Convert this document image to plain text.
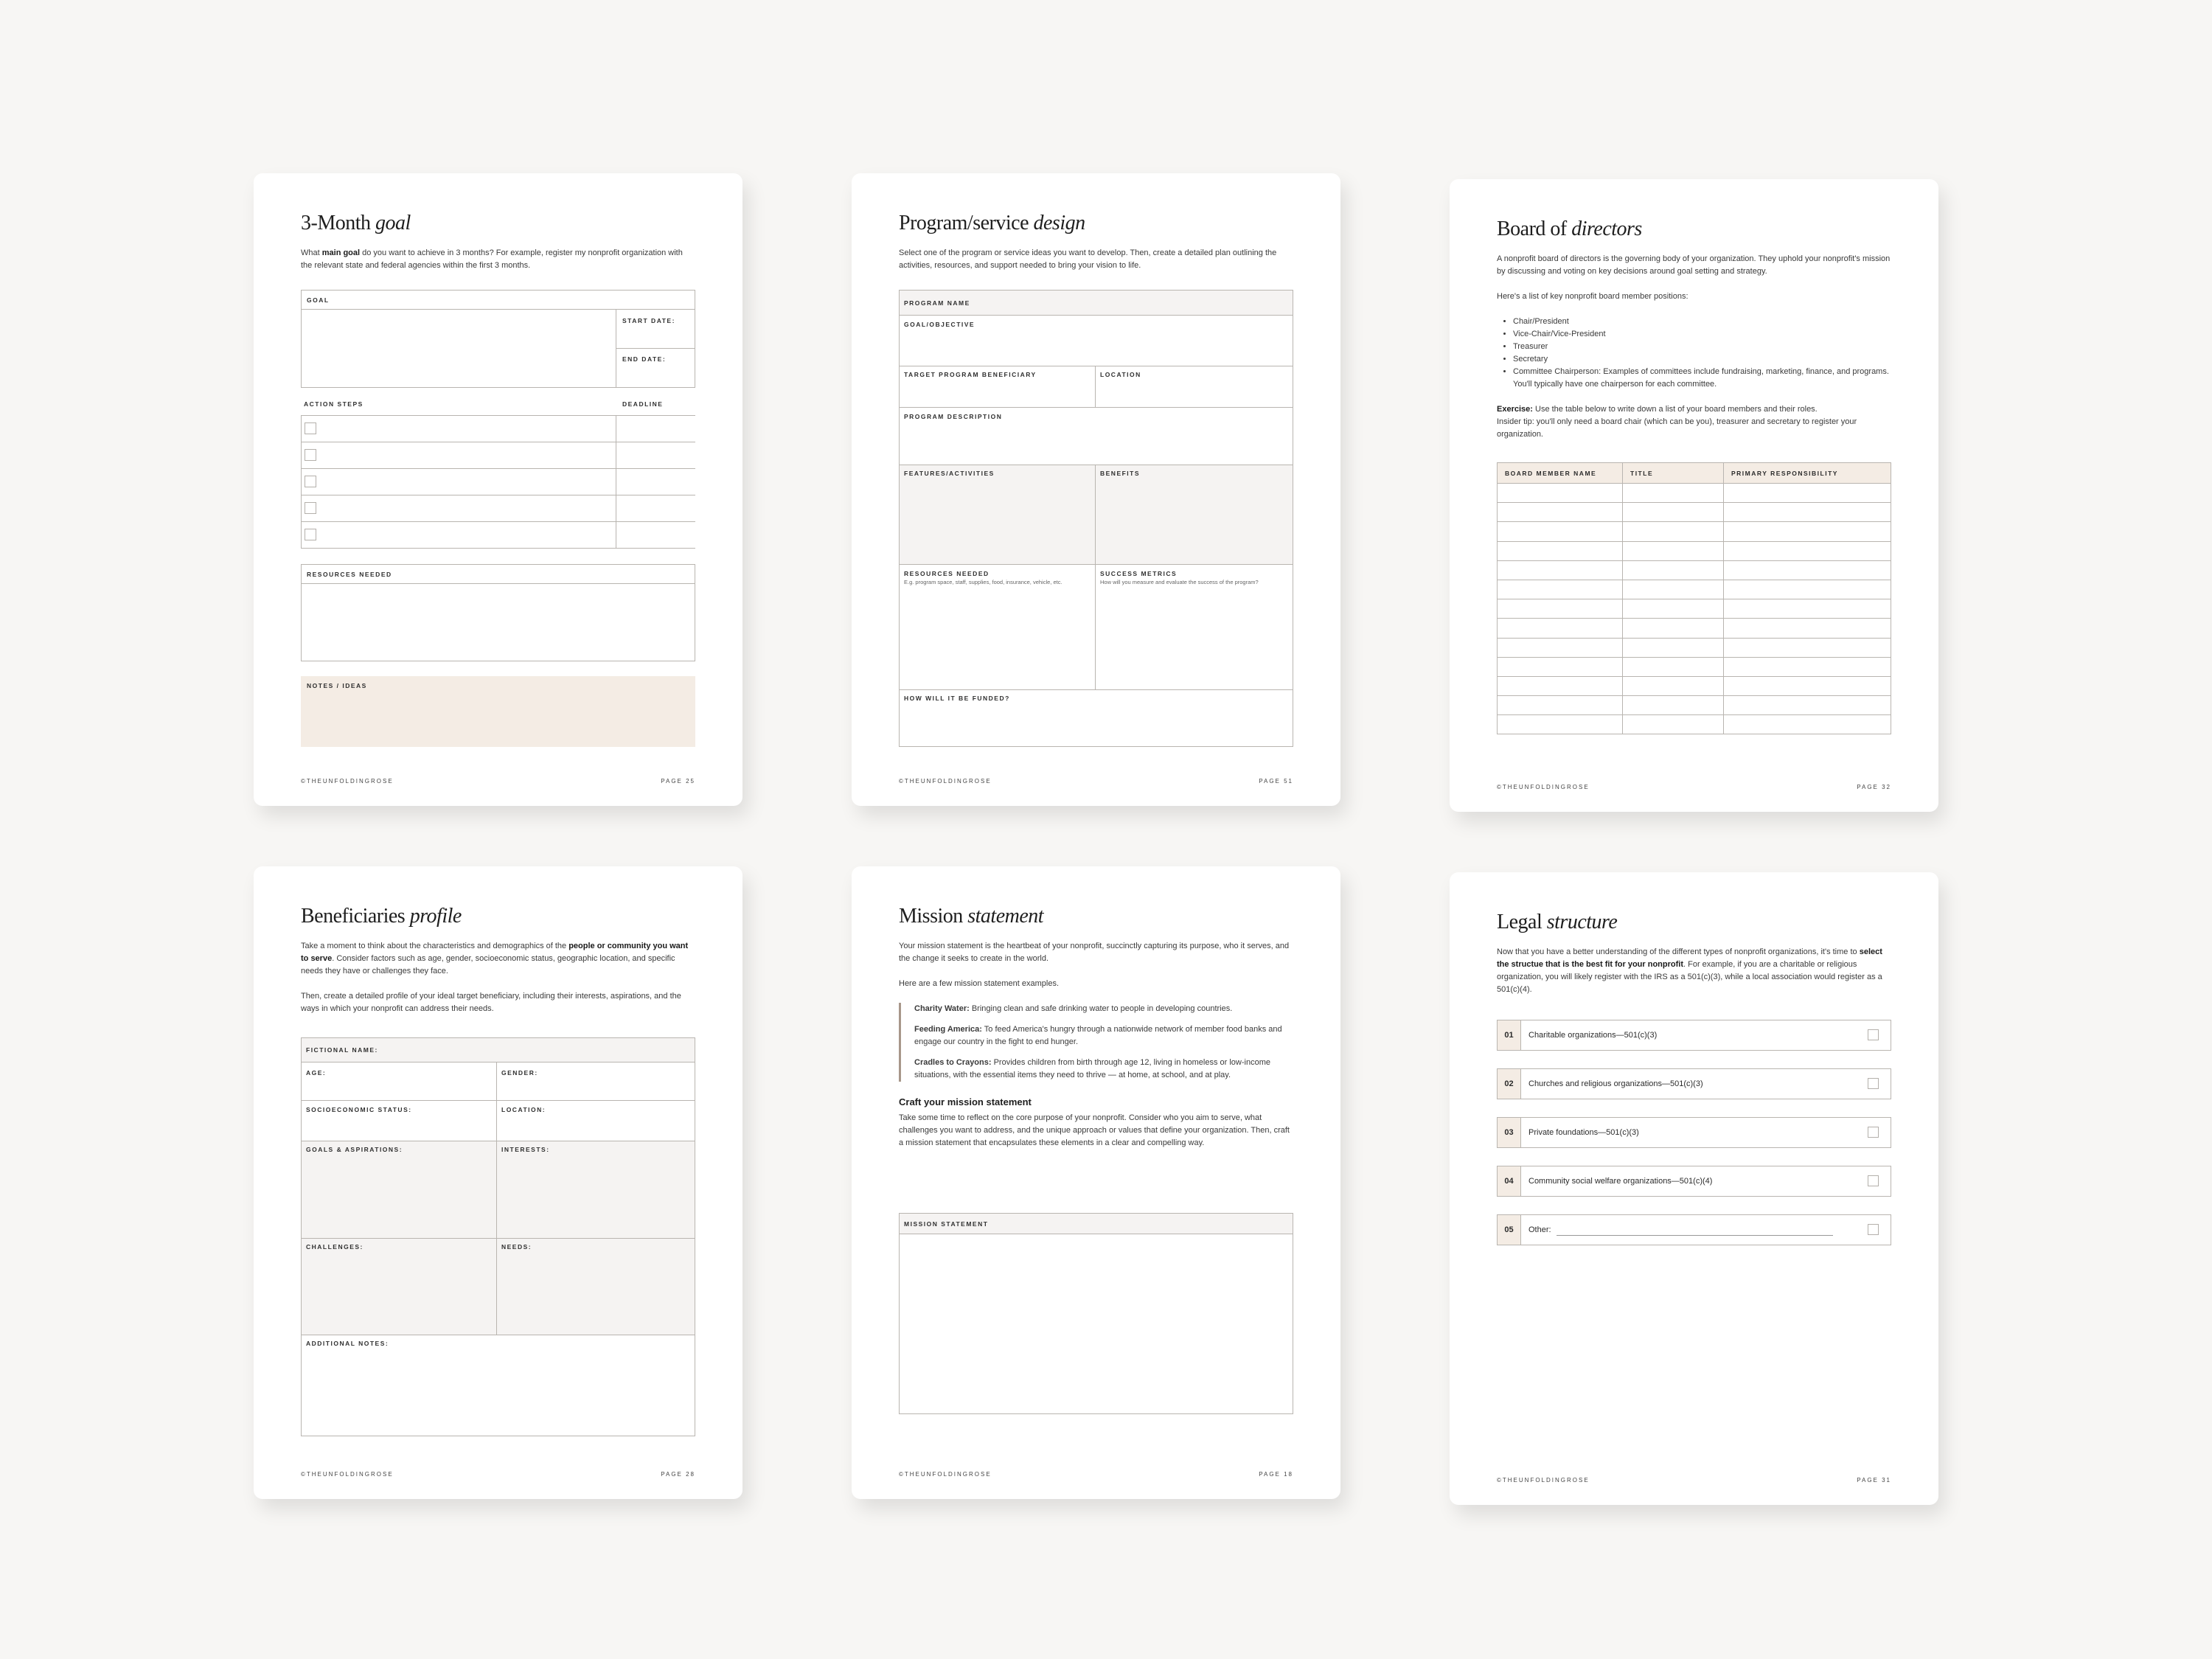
3-Month goal
What main goal do you want to achieve in 3 months? For example, register my nonprofit organization with the relevant state and federal agencies within the first 3 months.
GOAL
START DATE:
END DATE:
ACTION STEPS	DEADLINE
RESOURCES NEEDED
NOTES / IDEAS
©THEUNFOLDINGROSE	PAGE 25
Program/service design
Select one of the program or service ideas you want to develop. Then, create a detailed plan outlining the activities, resources, and support needed to bring your vision to life.
PROGRAM NAME
GOAL/OBJECTIVE
TARGET PROGRAM BENEFICIARY	LOCATION
PROGRAM DESCRIPTION
FEATURES/ACTIVITIES	BENEFITS
RESOURCES NEEDED
E.g. program space, staff, supplies, food, insurance, vehicle, etc.
SUCCESS METRICS
How will you measure and evaluate the success of the program?
HOW WILL IT BE FUNDED?
©THEUNFOLDINGROSE	PAGE 51
Board of directors

A nonprofit board of directors is the governing body of your organization. They uphold your nonprofit's mission by discussing and voting on key decisions around goal setting and strategy.

Here's a list of key nonprofit board member positions:

• Chair/President
• Vice-Chair/Vice-President
• Treasurer
• Secretary
• Committee Chairperson: Examples of committees include fundraising, marketing, finance, and programs. You'll typically have one chairperson for each committee.
Exercise: Use the table below to write down a list of your board members and their roles.
Insider tip: you'll only need a board chair (which can be you), treasurer and secretary to register your organization.
BOARD MEMBER NAME	TITLE	PRIMARY RESPONSIBILITY

©THEUNFOLDINGROSE	PAGE 32
Beneficiaries profile

Take a moment to think about the characteristics and demographics of the people or community you want to serve. Consider factors such as age, gender, socioeconomic status, geographic location, and specific needs they have or challenges they face.

Then, create a detailed profile of your ideal target beneficiary, including their interests, aspirations, and the ways in which your nonprofit can address their needs.

FICTIONAL NAME:
AGE:	GENDER:
SOCIOECONOMIC STATUS:	LOCATION:
GOALS & ASPIRATIONS:	INTERESTS:
CHALLENGES:	NEEDS:
ADDITIONAL NOTES:
©THEUNFOLDINGROSE	PAGE 28
Mission statement

Your mission statement is the heartbeat of your nonprofit, succinctly capturing its purpose, who it serves, and the change it seeks to create in the world.

Here are a few mission statement examples.

Charity Water: Bringing clean and safe drinking water to people in developing countries.

Feeding America: To feed America's hungry through a nationwide network of member food banks and engage our country in the fight to end hunger.

Cradles to Crayons: Provides children from birth through age 12, living in homeless or low-income situations, with the essential items they need to thrive — at home, at school, and at play.

Craft your mission statement
Take some time to reflect on the core purpose of your nonprofit. Consider who you aim to serve, what challenges you want to address, and the unique approach or values that define your organization. Then, craft a mission statement that encapsulates these elements in a clear and compelling way.
MISSION STATEMENT
©THEUNFOLDINGROSE	PAGE 18
Legal structure
Now that you have a better understanding of the different types of nonprofit organizations, it's time to select the structue that is the best fit for your nonprofit. For example, if you are a charitable or religious organization, you will likely register with the IRS as a 501(c)(3), while a local association would register as a 501(c)(4).
01	Charitable organizations—501(c)(3)
02	Churches and religious organizations—501(c)(3)
03	Private foundations—501(c)(3)
04	Community social welfare organizations—501(c)(4)
05	Other:
©THEUNFOLDINGROSE	PAGE 31
